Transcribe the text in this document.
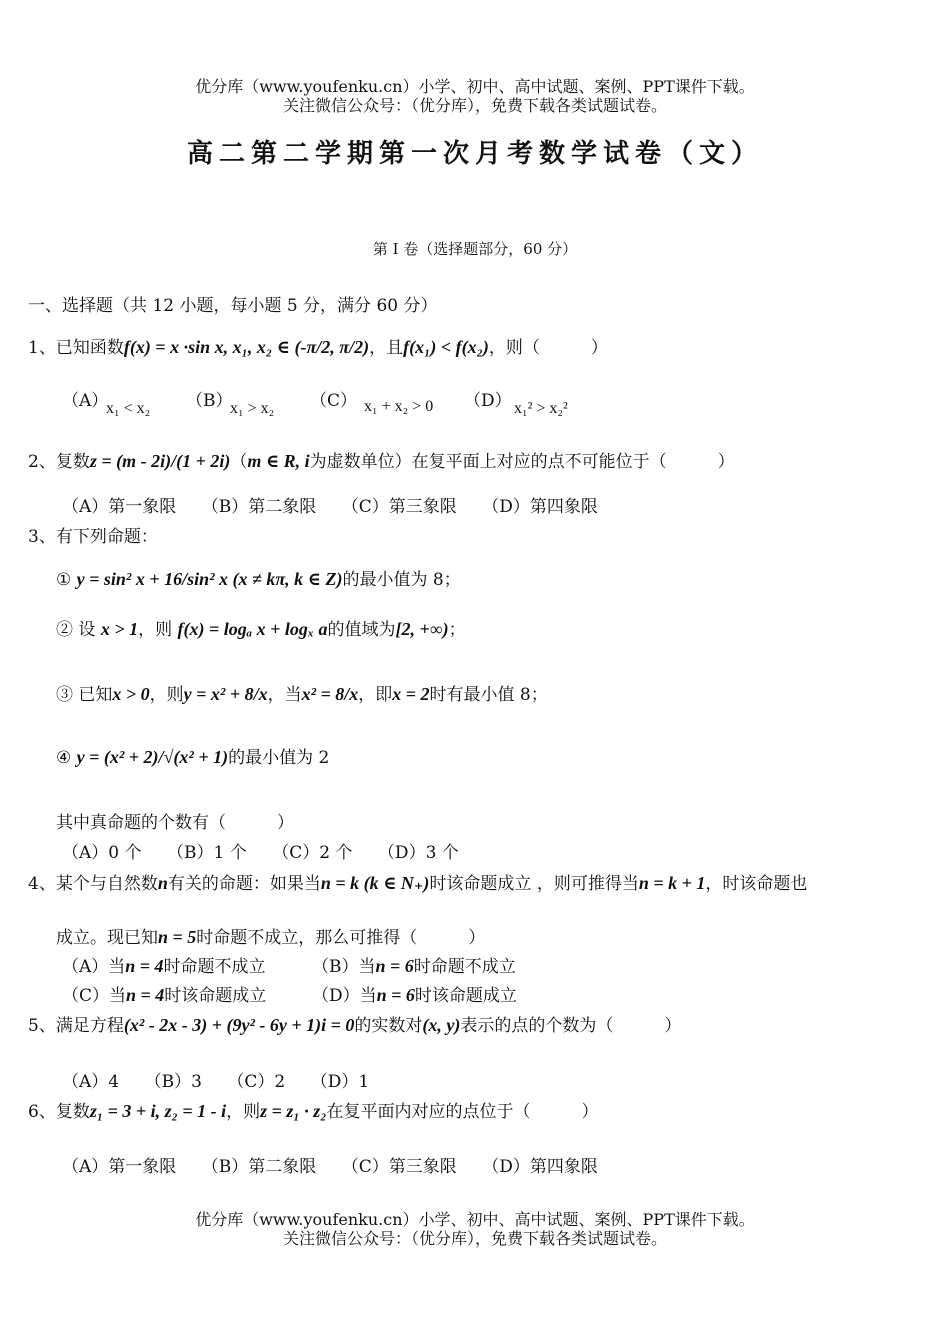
优分库（www.youfenku.cn）小学、初中、高中试题、案例、PPT课件下载。
关注微信公众号：（优分库），免费下载各类试题试卷。
高二第二学期第一次月考数学试卷（文）
第 I 卷（选择题部分，60 分）
一、选择题（共 12 小题，每小题 5 分，满分 60 分）
1、已知函数f(x) = x ·sin x, x₁, x₂ ∈ (-π/2, π/2)，且f(x₁) < f(x₂)，则（　　　）
（A）
x₁ < x₂ （B）
x₁ > x₂ （C） x₁ + x₂ > 0 （D） x₁² > x₂²
2、复数z = (m - 2i)/(1 + 2i)（m ∈ R, i为虚数单位）在复平面上对应的点不可能位于（　　　）
（A）第一象限　　（B）第二象限　　（C）第三象限　　（D）第四象限
3、有下列命题：
① y = sin² x + 16/sin² x (x ≠ kπ, k ∈ Z)的最小值为 8；
② 设 x > 1，则 f(x) = logₐ x + logₓ a的值域为[2, +∞)；
③ 已知x > 0，则y = x² + 8/x，当x² = 8/x，即x = 2时有最小值 8；
④ y = (x² + 2)/√(x² + 1)的最小值为 2
其中真命题的个数有（　　　）
（A）0 个　　（B）1 个　　（C）2 个　　（D）3 个
4、某个与自然数n有关的命题：如果当n = k (k ∈ N₊)时该命题成立 ，则可推得当n = k + 1，时该命题也
成立。现已知n = 5时命题不成立，那么可推得（　　　）
（A）当n = 4时命题不成立	（B）当n = 6时命题不成立
（C）当n = 4时该命题成立	（D）当n = 6时该命题成立
5、满足方程(x² - 2x - 3) + (9y² - 6y + 1)i = 0的实数对(x, y)表示的点的个数为（　　　）
（A）4　　（B）3　　（C）2　　（D）1
6、复数z₁ = 3 + i, z₂ = 1 - i，则z = z₁ · z₂在复平面内对应的点位于（　　　）
（A）第一象限　　（B）第二象限　　（C）第三象限　　（D）第四象限
优分库（www.youfenku.cn）小学、初中、高中试题、案例、PPT课件下载。
关注微信公众号：（优分库），免费下载各类试题试卷。
